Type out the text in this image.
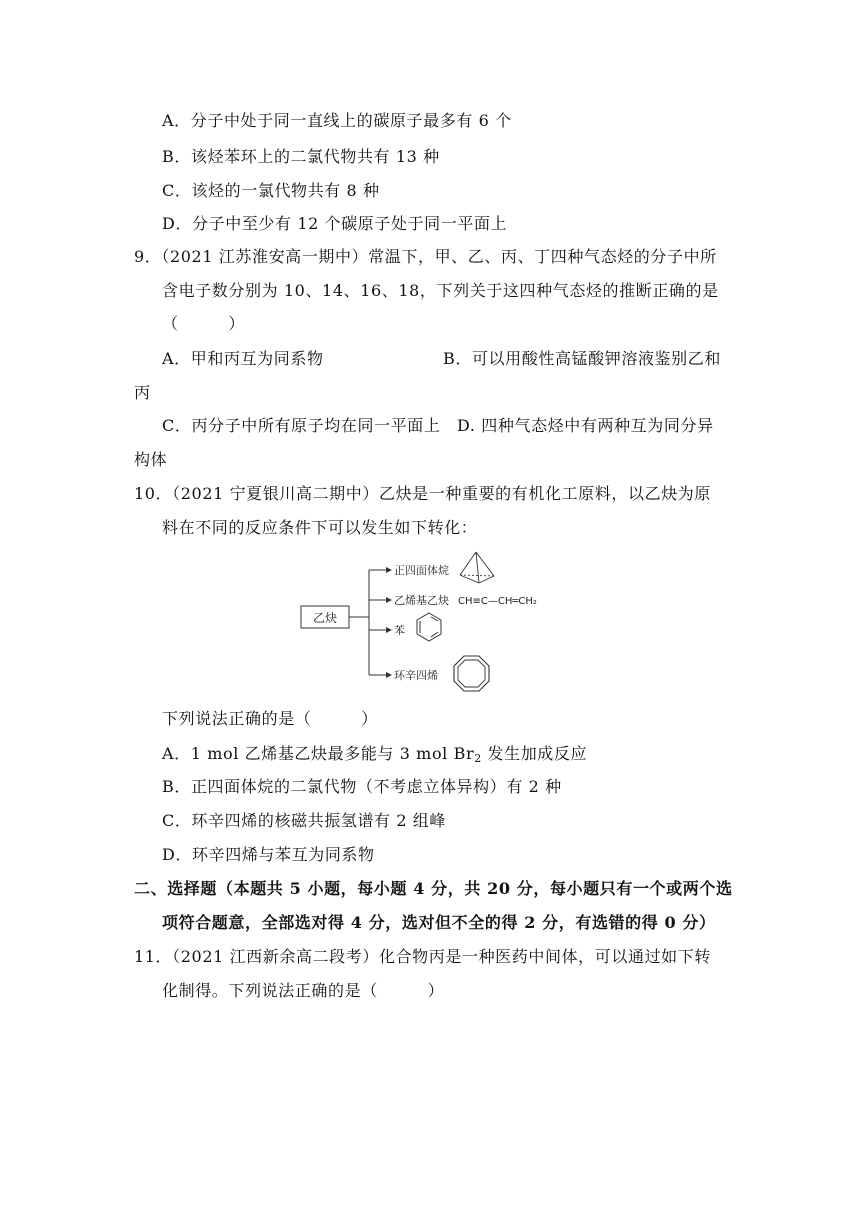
A．分子中处于同一直线上的碳原子最多有 6 个
B．该烃苯环上的二氯代物共有 13 种
C．该烃的一氯代物共有 8 种
D．分子中至少有 12 个碳原子处于同一平面上
9．（2021 江苏淮安高一期中）常温下，甲、乙、丙、丁四种气态烃的分子中所
含电子数分别为 10、14、16、18，下列关于这四种气态烃的推断正确的是
（　　　）
A．甲和丙互为同系物	B．可以用酸性高锰酸钾溶液鉴别乙和
丙
C．丙分子中所有原子均在同一平面上　D. 四种气态烃中有两种互为同分异
构体
10．（2021 宁夏银川高二期中）乙炔是一种重要的有机化工原料，以乙炔为原
料在不同的反应条件下可以发生如下转化：
乙炔
正四面体烷
乙烯基乙炔
苯
环辛四烯
CH≡C—CH═CH₂
下列说法正确的是（　　　）
A．1 mol 乙烯基乙炔最多能与 3 mol $Br_2$ 发生加成反应
B．正四面体烷的二氯代物（不考虑立体异构）有 2 种
C．环辛四烯的核磁共振氢谱有 2 组峰
D．环辛四烯与苯互为同系物
二、选择题（本题共 5 小题，每小题 4 分，共 20 分，每小题只有一个或两个选
项符合题意，全部选对得 4 分，选对但不全的得 2 分，有选错的得 0 分）
11．（2021 江西新余高二段考）化合物丙是一种医药中间体，可以通过如下转
化制得。下列说法正确的是（　　　）
